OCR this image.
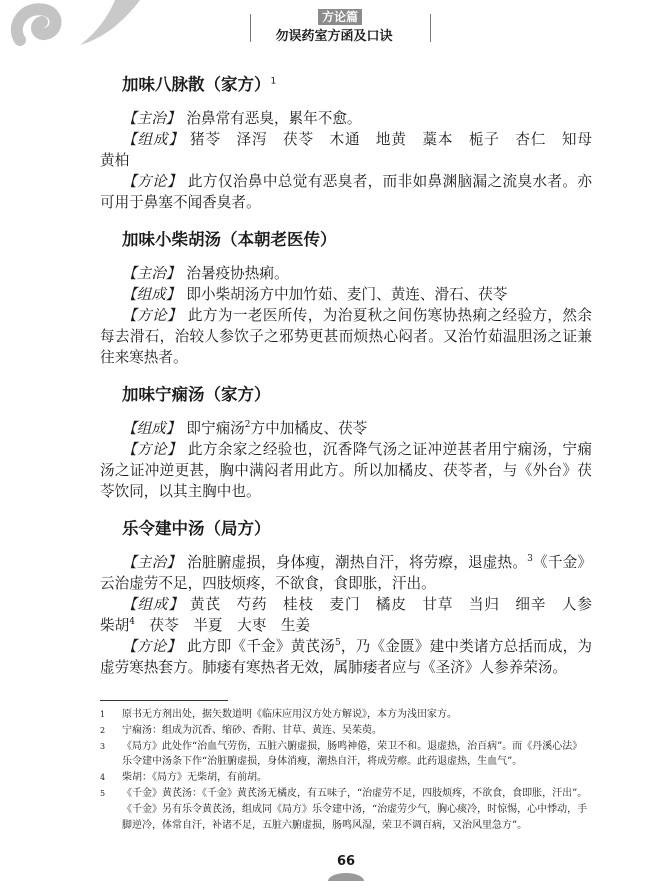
方论篇
勿误药室方函及口诀
加味八脉散（家方）$^1$

【主治】 治鼻常有恶臭，累年不愈。

【组成】 猪苓　泽泻　茯苓　木通　地黄　藁本　栀子　杏仁　知母　黄柏

【方论】 此方仅治鼻中总觉有恶臭者，而非如鼻渊脑漏之流臭水者。亦可用于鼻塞不闻香臭者。

加味小柴胡汤（本朝老医传）

【主治】 治暑疫协热痢。

【组成】 即小柴胡汤方中加竹茹、麦门、黄连、滑石、茯苓

【方论】 此方为一老医所传，为治夏秋之间伤寒协热痢之经验方，然余每去滑石，治较人参饮子之邪势更甚而烦热心闷者。又治竹茹温胆汤之证兼往来寒热者。

加味宁痫汤（家方）

【组成】 即宁痫汤$^2$方中加橘皮、茯苓

【方论】 此方余家之经验也，沉香降气汤之证冲逆甚者用宁痫汤，宁痫汤之证冲逆更甚，胸中满闷者用此方。所以加橘皮、茯苓者，与《外台》茯苓饮同，以其主胸中也。

乐令建中汤（局方）

【主治】 治脏腑虚损，身体瘦，潮热自汗，将劳瘵，退虚热。$^3$《千金》云治虚劳不足，四肢烦疼，不欲食，食即胀，汗出。

【组成】 黄芪　芍药　桂枝　麦门　橘皮　甘草　当归　细辛　人参　柴胡$^4$　茯苓　半夏　大枣　生姜

【方论】 此方即《千金》黄芪汤$^5$，乃《金匮》建中类诸方总括而成，为虚劳寒热套方。肺痿有寒热者无效，属肺痿者应与《圣济》人参养荣汤。

1	原书无方剂出处，据矢数道明《临床应用汉方处方解说》，本方为浅田家方。
2	宁痫汤：组成为沉香、缩砂、香附、甘草、黄连、吴茱萸。
3	《局方》此处作“治血气劳伤，五脏六腑虚损，肠鸣神倦，荣卫不和。退虚热，治百病”。而《丹溪心法》乐令建中汤条下作“治脏腑虚损，身体消瘦，潮热自汗，将成劳瘵。此药退虚热，生血气”。
4	柴胡：《局方》无柴胡，有前胡。
5	《千金》黄芪汤：《千金》黄芪汤无橘皮，有五味子，“治虚劳不足，四肢烦疼，不欲食，食即胀，汗出”。《千金》另有乐令黄芪汤，组成同《局方》乐令建中汤，“治虚劳少气，胸心痰冷，时惊惕，心中悸动，手脚逆冷，体常自汗，补诸不足，五脏六腑虚损，肠鸣风湿，荣卫不调百病，又治风里急方”。
66
